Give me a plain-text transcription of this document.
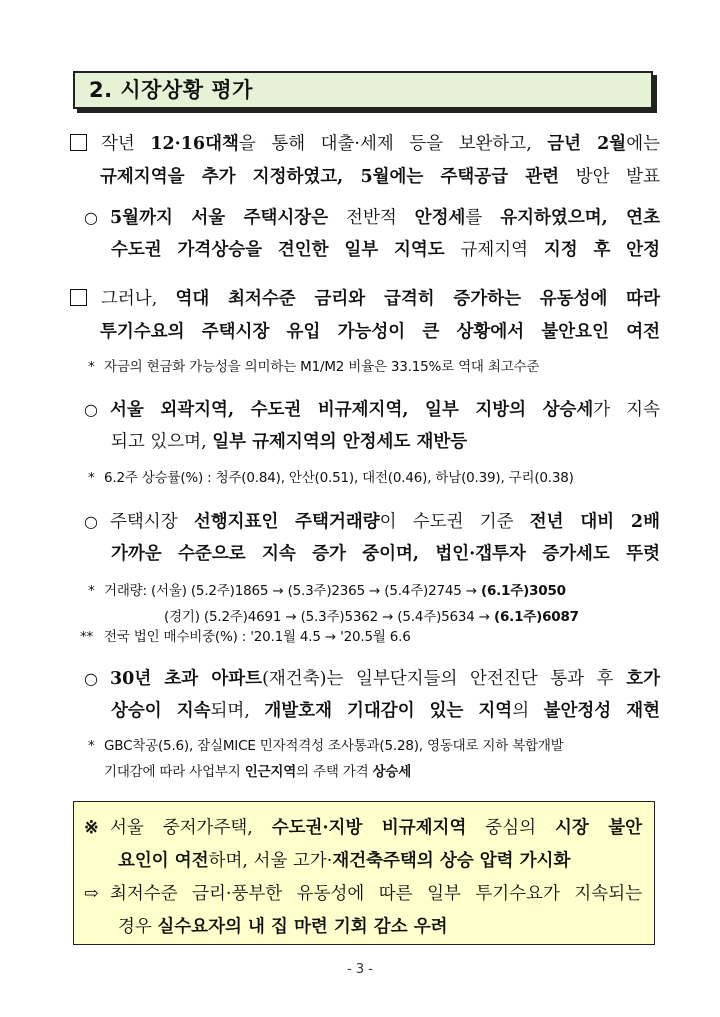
2. 시장상황 평가
작년 12·16대책을 통해 대출·세제 등을 보완하고, 금년 2월에는
규제지역을 추가 지정하였고, 5월에는 주택공급 관련 방안 발표
○ 5월까지 서울 주택시장은 전반적 안정세를 유지하였으며, 연초
수도권 가격상승을 견인한 일부 지역도 규제지역 지정 후 안정
그러나, 역대 최저수준 금리와 급격히 증가하는 유동성에 따라
투기수요의 주택시장 유입 가능성이 큰 상황에서 불안요인 여전
* 자금의 현금화 가능성을 의미하는 M1/M2 비율은 33.15%로 역대 최고수준
○ 서울 외곽지역, 수도권 비규제지역, 일부 지방의 상승세가 지속
되고 있으며, 일부 규제지역의 안정세도 재반등
* 6.2주 상승률(%) : 청주(0.84), 안산(0.51), 대전(0.46), 하남(0.39), 구리(0.38)
○ 주택시장 선행지표인 주택거래량이 수도권 기준 전년 대비 2배
가까운 수준으로 지속 증가 중이며, 법인·갭투자 증가세도 뚜렷
* 거래량: (서울) (5.2주)1865 → (5.3주)2365 → (5.4주)2745 → (6.1주)3050
(경기) (5.2주)4691 → (5.3주)5362 → (5.4주)5634 → (6.1주)6087
** 전국 법인 매수비중(%) : '20.1월 4.5 → '20.5월 6.6
○ 30년 초과 아파트(재건축)는 일부단지들의 안전진단 통과 후 호가
상승이 지속되며, 개발호재 기대감이 있는 지역의 불안정성 재현
* GBC착공(5.6), 잠실MICE 민자적격성 조사통과(5.28), 영동대로 지하 복합개발
기대감에 따라 사업부지 인근지역의 주택 가격 상승세
※ 서울 중저가주택, 수도권·지방 비규제지역 중심의 시장 불안
요인이 여전하며, 서울 고가·재건축주택의 상승 압력 가시화
⇨ 최저수준 금리·풍부한 유동성에 따른 일부 투기수요가 지속되는
경우 실수요자의 내 집 마련 기회 감소 우려
- 3 -
